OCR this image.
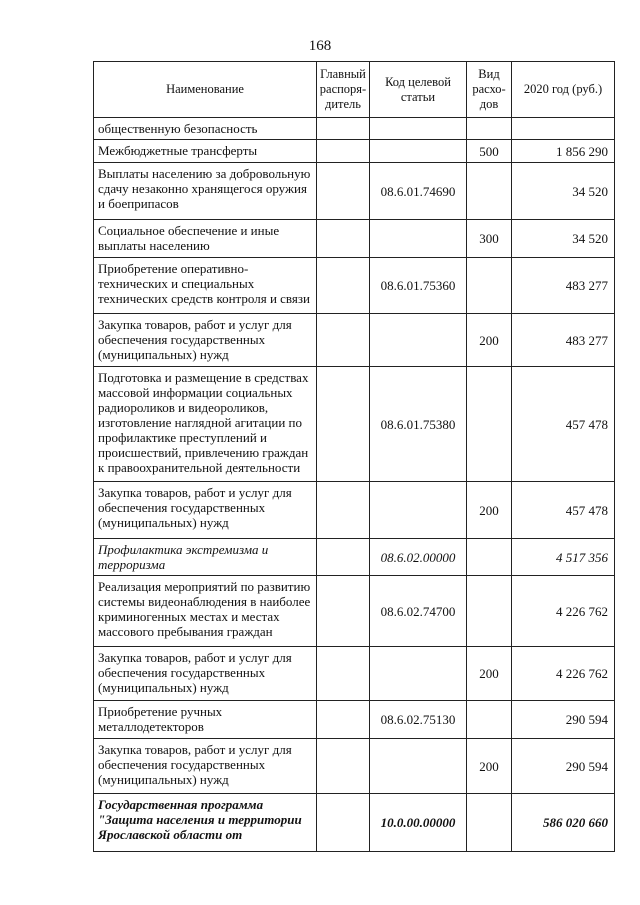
168
Наименование	Главный распоря-дитель	Код целевой статьи	Вид расхо-дов	2020 год (руб.)
общественную безопасность				
Межбюджетные трансферты			500	1 856 290
Выплаты населению за добровольную сдачу незаконно хранящегося оружия и боеприпасов		08.6.01.74690		34 520
Социальное обеспечение и иные выплаты населению			300	34 520
Приобретение оперативно-технических и специальных технических средств контроля и связи		08.6.01.75360		483 277
Закупка товаров, работ и услуг для обеспечения государственных (муниципальных) нужд			200	483 277
Подготовка и размещение в средствах массовой информации социальных радиороликов и видеороликов, изготовление наглядной агитации по профилактике преступлений и происшествий, привлечению граждан к правоохранительной деятельности		08.6.01.75380		457 478
Закупка товаров, работ и услуг для обеспечения государственных (муниципальных) нужд			200	457 478
Профилактика экстремизма и терроризма		08.6.02.00000		4 517 356
Реализация мероприятий по развитию системы видеонаблюдения в наиболее криминогенных местах и местах массового пребывания граждан		08.6.02.74700		4 226 762
Закупка товаров, работ и услуг для обеспечения государственных (муниципальных) нужд			200	4 226 762
Приобретение ручных металлодетекторов		08.6.02.75130		290 594
Закупка товаров, работ и услуг для обеспечения государственных (муниципальных) нужд			200	290 594
Государственная программа "Защита населения и территории Ярославской области от		10.0.00.00000		586 020 660
